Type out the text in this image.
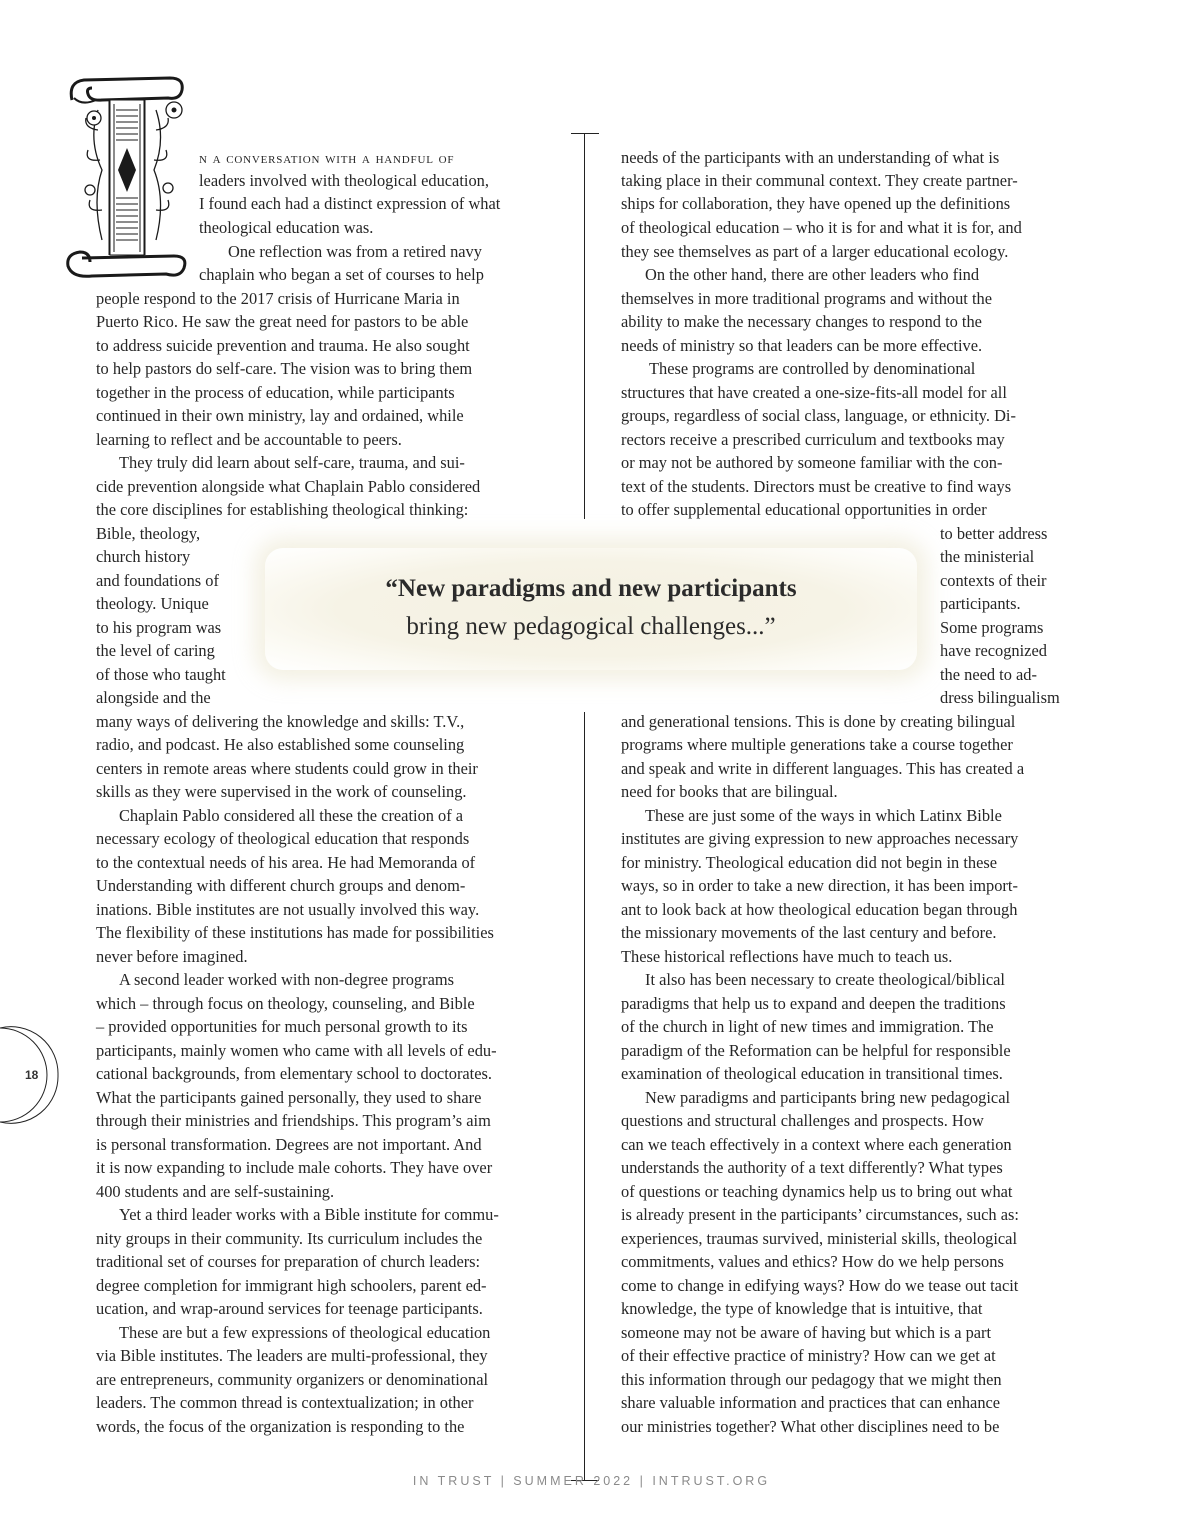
n a conversation with a handful of
leaders involved with theological education,
I found each had a distinct expression of what
theological education was.
One reflection was from a retired navy
chaplain who began a set of courses to help
people respond to the 2017 crisis of Hurricane Maria in
Puerto Rico. He saw the great need for pastors to be able
to address suicide prevention and trauma. He also sought
to help pastors do self-care. The vision was to bring them
together in the process of education, while participants
continued in their own ministry, lay and ordained, while
learning to reflect and be accountable to peers.
They truly did learn about self-care, trauma, and sui-
cide prevention alongside what Chaplain Pablo considered
the core disciplines for establishing theological thinking:
Bible, theology,
church history
and foundations of
theology. Unique
to his program was
the level of caring
of those who taught
alongside and the
many ways of delivering the knowledge and skills: T.V.,
radio, and podcast. He also established some counseling
centers in remote areas where students could grow in their
skills as they were supervised in the work of counseling.
Chaplain Pablo considered all these the creation of a
necessary ecology of theological education that responds
to the contextual needs of his area. He had Memoranda of
Understanding with different church groups and denom-
inations. Bible institutes are not usually involved this way.
The flexibility of these institutions has made for possibilities
never before imagined.
A second leader worked with non-degree programs
which – through focus on theology, counseling, and Bible
– provided opportunities for much personal growth to its
participants, mainly women who came with all levels of edu-
cational backgrounds, from elementary school to doctorates.
What the participants gained personally, they used to share
through their ministries and friendships. This program’s aim
is personal transformation. Degrees are not important. And
it is now expanding to include male cohorts. They have over
400 students and are self-sustaining.
Yet a third leader works with a Bible institute for commu-
nity groups in their community. Its curriculum includes the
traditional set of courses for preparation of church leaders:
degree completion for immigrant high schoolers, parent ed-
ucation, and wrap-around services for teenage participants.
These are but a few expressions of theological education
via Bible institutes. The leaders are multi-professional, they
are entrepreneurs, community organizers or denominational
leaders. The common thread is contextualization; in other
words, the focus of the organization is responding to the
needs of the participants with an understanding of what is
taking place in their communal context. They create partner-
ships for collaboration, they have opened up the definitions
of theological education – who it is for and what it is for, and
they see themselves as part of a larger educational ecology.
On the other hand, there are other leaders who find
themselves in more traditional programs and without the
ability to make the necessary changes to respond to the
needs of ministry so that leaders can be more effective.
These programs are controlled by denominational
structures that have created a one-size-fits-all model for all
groups, regardless of social class, language, or ethnicity. Di-
rectors receive a prescribed curriculum and textbooks may
or may not be authored by someone familiar with the con-
text of the students. Directors must be creative to find ways
to offer supplemental educational opportunities in order
to better address
the ministerial
contexts of their
participants.
Some programs
have recognized
the need to ad-
dress bilingualism
and generational tensions. This is done by creating bilingual
programs where multiple generations take a course together
and speak and write in different languages. This has created a
need for books that are bilingual.
These are just some of the ways in which Latinx Bible
institutes are giving expression to new approaches necessary
for ministry. Theological education did not begin in these
ways, so in order to take a new direction, it has been import-
ant to look back at how theological education began through
the missionary movements of the last century and before.
These historical reflections have much to teach us.
It also has been necessary to create theological/biblical
paradigms that help us to expand and deepen the traditions
of the church in light of new times and immigration. The
paradigm of the Reformation can be helpful for responsible
examination of theological education in transitional times.
New paradigms and participants bring new pedagogical
questions and structural challenges and prospects. How
can we teach effectively in a context where each generation
understands the authority of a text differently? What types
of questions or teaching dynamics help us to bring out what
is already present in the participants’ circumstances, such as:
experiences, traumas survived, ministerial skills, theological
commitments, values and ethics? How do we help persons
come to change in edifying ways? How do we tease out tacit
knowledge, the type of knowledge that is intuitive, that
someone may not be aware of having but which is a part
of their effective practice of ministry? How can we get at
this information through our pedagogy that we might then
share valuable information and practices that can enhance
our ministries together? What other disciplines need to be
“New paradigms and new participants
bring new pedagogical challenges...”
18
IN TRUST | SUMMER 2022 | INTRUST.ORG
